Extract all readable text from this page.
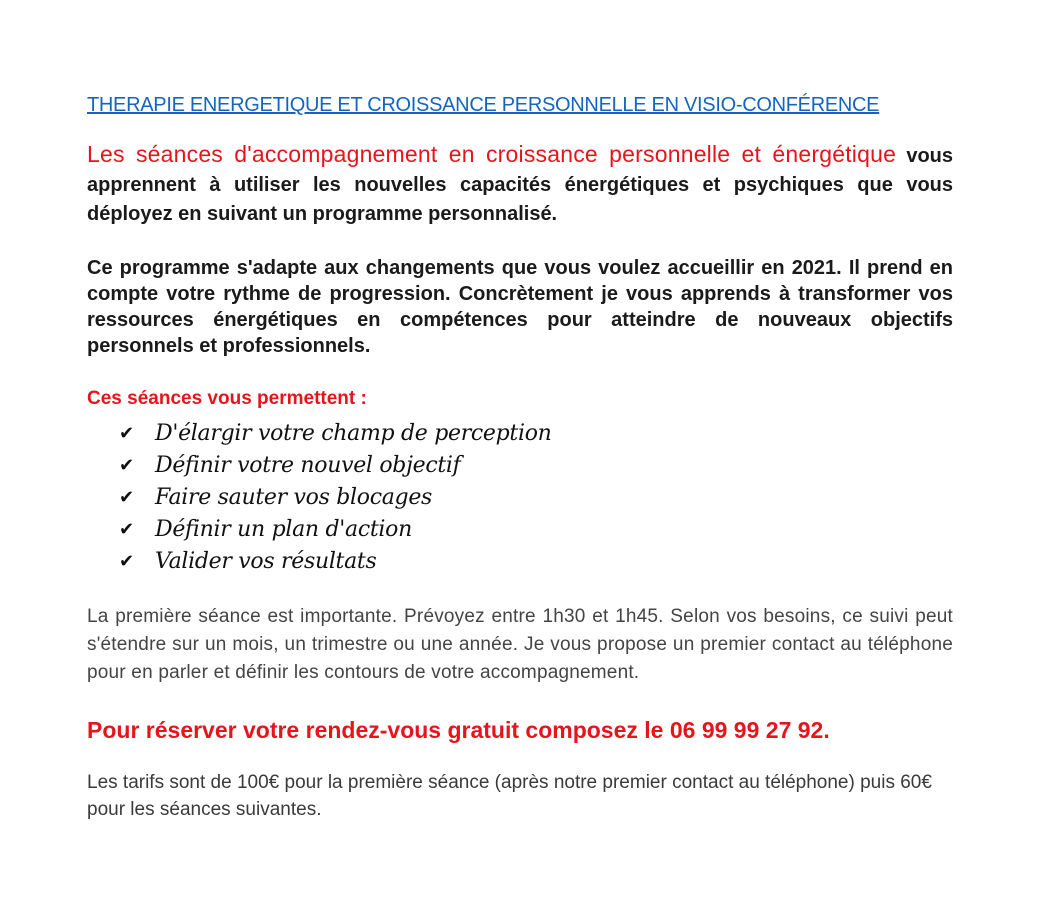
THERAPIE ENERGETIQUE ET CROISSANCE PERSONNELLE EN VISIO-CONFÉRENCE

Les séances d'accompagnement en croissance personnelle et énergétique vous apprennent à utiliser les nouvelles capacités énergétiques et psychiques que vous déployez en suivant un programme personnalisé.

Ce programme s'adapte aux changements que vous voulez accueillir en 2021. Il prend en compte votre rythme de progression. Concrètement je vous apprends à transformer vos ressources énergétiques en compétences pour atteindre de nouveaux objectifs personnels et professionnels.

Ces séances vous permettent :
✔ D'élargir votre champ de perception
✔ Définir votre nouvel objectif
✔ Faire sauter vos blocages
✔ Définir un plan d'action
✔ Valider vos résultats

La première séance est importante. Prévoyez entre 1h30 et 1h45. Selon vos besoins, ce suivi peut s'étendre sur un mois, un trimestre ou une année. Je vous propose un premier contact au téléphone pour en parler et définir les contours de votre accompagnement.

Pour réserver votre rendez-vous gratuit composez le 06 99 99 27 92.

Les tarifs sont de 100€ pour la première séance (après notre premier contact au téléphone) puis 60€ pour les séances suivantes.
